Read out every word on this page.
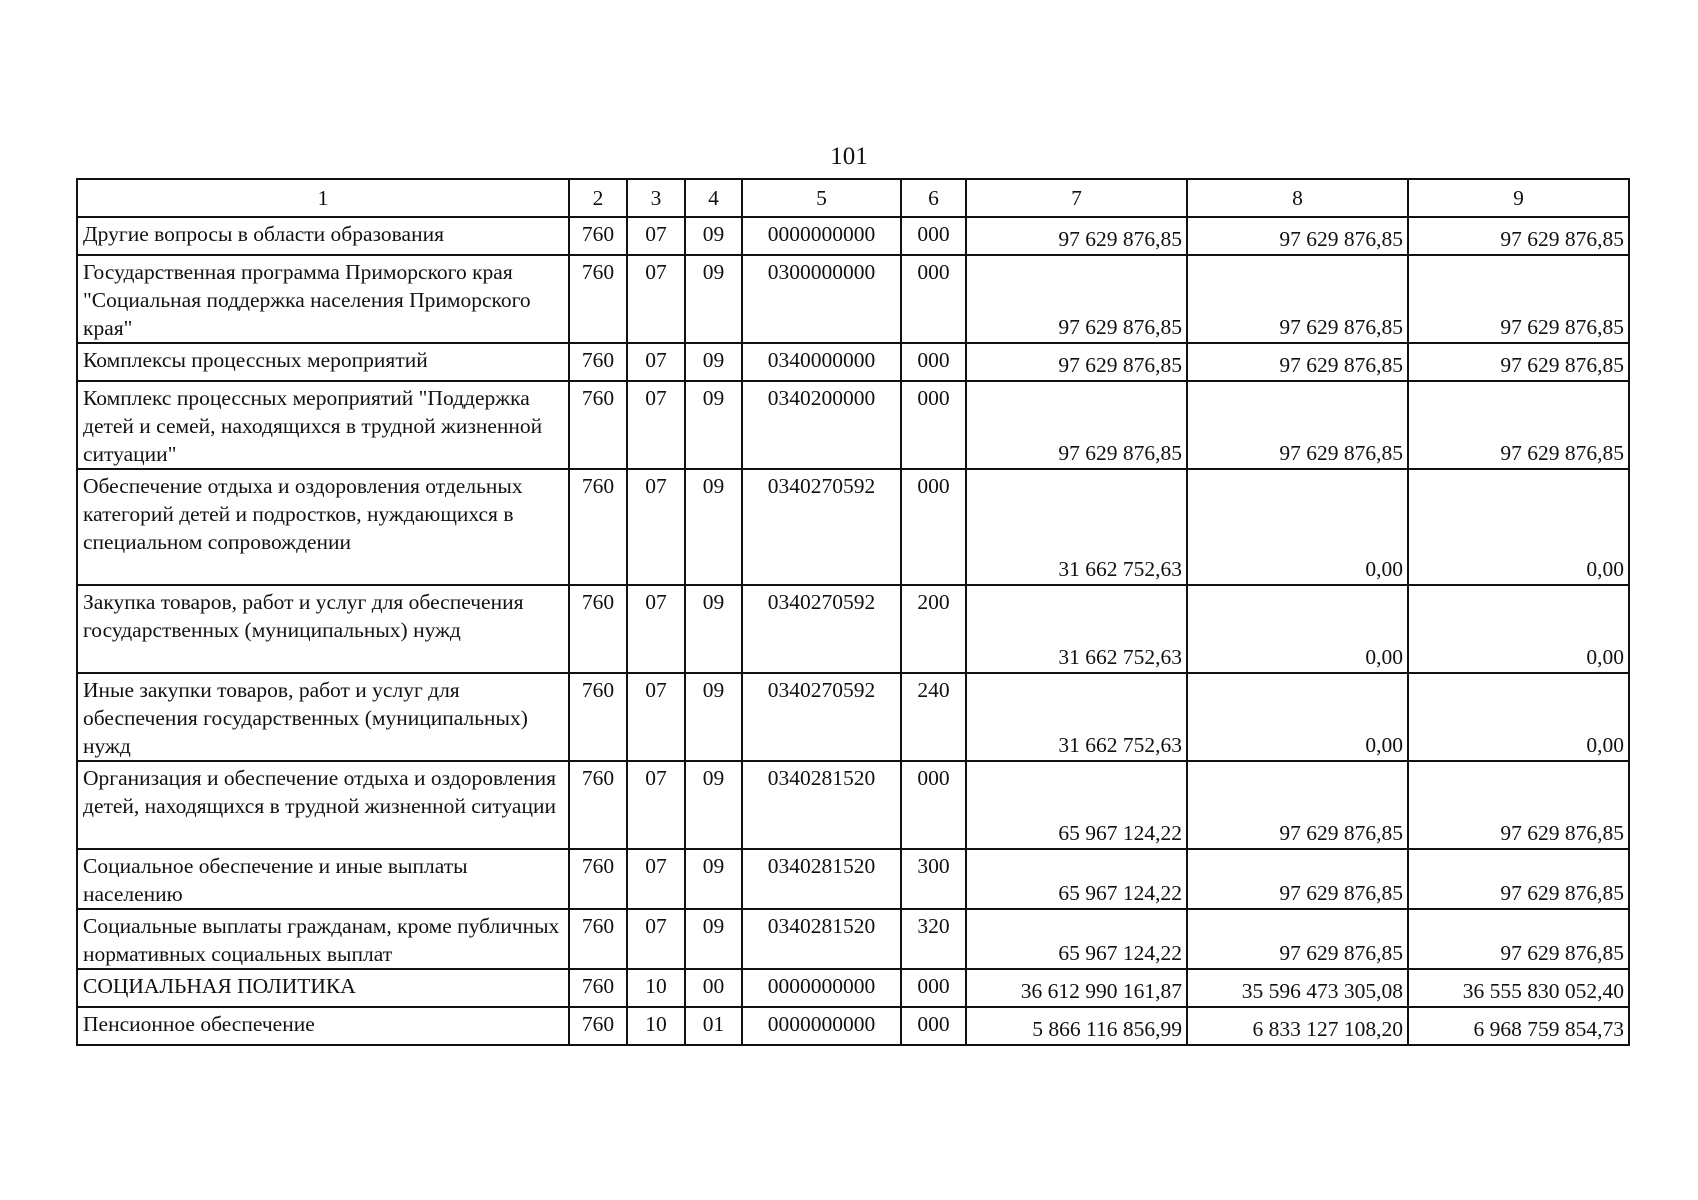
101
1	2	3	4	5	6	7	8	9
Другие вопросы в области образования	760	07	09	0000000000	000	97 629 876,85	97 629 876,85	97 629 876,85
Государственная программа Приморского края "Социальная поддержка населения Приморского края"	760	07	09	0300000000	000	97 629 876,85	97 629 876,85	97 629 876,85
Комплексы процессных мероприятий	760	07	09	0340000000	000	97 629 876,85	97 629 876,85	97 629 876,85
Комплекс процессных мероприятий "Поддержка детей и семей, находящихся в трудной жизненной ситуации"	760	07	09	0340200000	000	97 629 876,85	97 629 876,85	97 629 876,85
Обеспечение отдыха и оздоровления отдельных категорий детей и подростков, нуждающихся в специальном сопровождении	760	07	09	0340270592	000	31 662 752,63	0,00	0,00
Закупка товаров, работ и услуг для обеспечения государственных (муниципальных) нужд	760	07	09	0340270592	200	31 662 752,63	0,00	0,00
Иные закупки товаров, работ и услуг для обеспечения государственных (муниципальных) нужд	760	07	09	0340270592	240	31 662 752,63	0,00	0,00
Организация и обеспечение отдыха и оздоровления детей, находящихся в трудной жизненной ситуации	760	07	09	0340281520	000	65 967 124,22	97 629 876,85	97 629 876,85
Социальное обеспечение и иные выплаты населению	760	07	09	0340281520	300	65 967 124,22	97 629 876,85	97 629 876,85
Социальные выплаты гражданам, кроме публичных нормативных социальных выплат	760	07	09	0340281520	320	65 967 124,22	97 629 876,85	97 629 876,85
СОЦИАЛЬНАЯ ПОЛИТИКА	760	10	00	0000000000	000	36 612 990 161,87	35 596 473 305,08	36 555 830 052,40
Пенсионное обеспечение	760	10	01	0000000000	000	5 866 116 856,99	6 833 127 108,20	6 968 759 854,73
